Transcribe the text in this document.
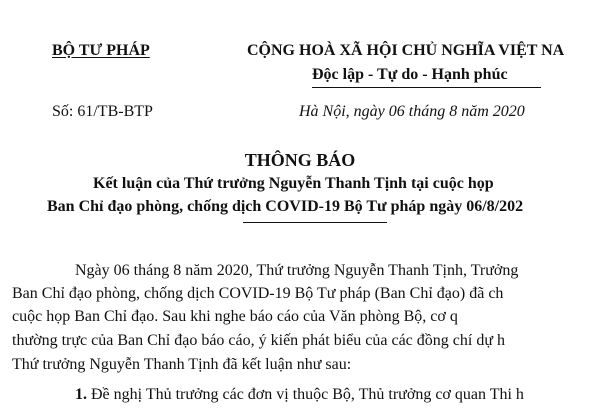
BỘ TƯ PHÁP	CỘNG HOÀ XÃ HỘI CHỦ NGHĨA VIỆT NA
Độc lập - Tự do - Hạnh phúc
Số: 61/TB-BTP	Hà Nội, ngày 06 tháng 8 năm 2020
THÔNG BÁO
Kết luận của Thứ trưởng Nguyễn Thanh Tịnh tại cuộc họp
Ban Chỉ đạo phòng, chống dịch COVID-19 Bộ Tư pháp ngày 06/8/202
Ngày 06 tháng 8 năm 2020, Thứ trưởng Nguyễn Thanh Tịnh, Trưởng
Ban Chỉ đạo phòng, chống dịch COVID-19 Bộ Tư pháp (Ban Chỉ đạo) đã ch
cuộc họp Ban Chỉ đạo. Sau khi nghe báo cáo của Văn phòng Bộ, cơ q
thường trực của Ban Chỉ đạo báo cáo, ý kiến phát biểu của các đồng chí dự h
Thứ trưởng Nguyễn Thanh Tịnh đã kết luận như sau:
1. Đề nghị Thủ trưởng các đơn vị thuộc Bộ, Thủ trưởng cơ quan Thi h
